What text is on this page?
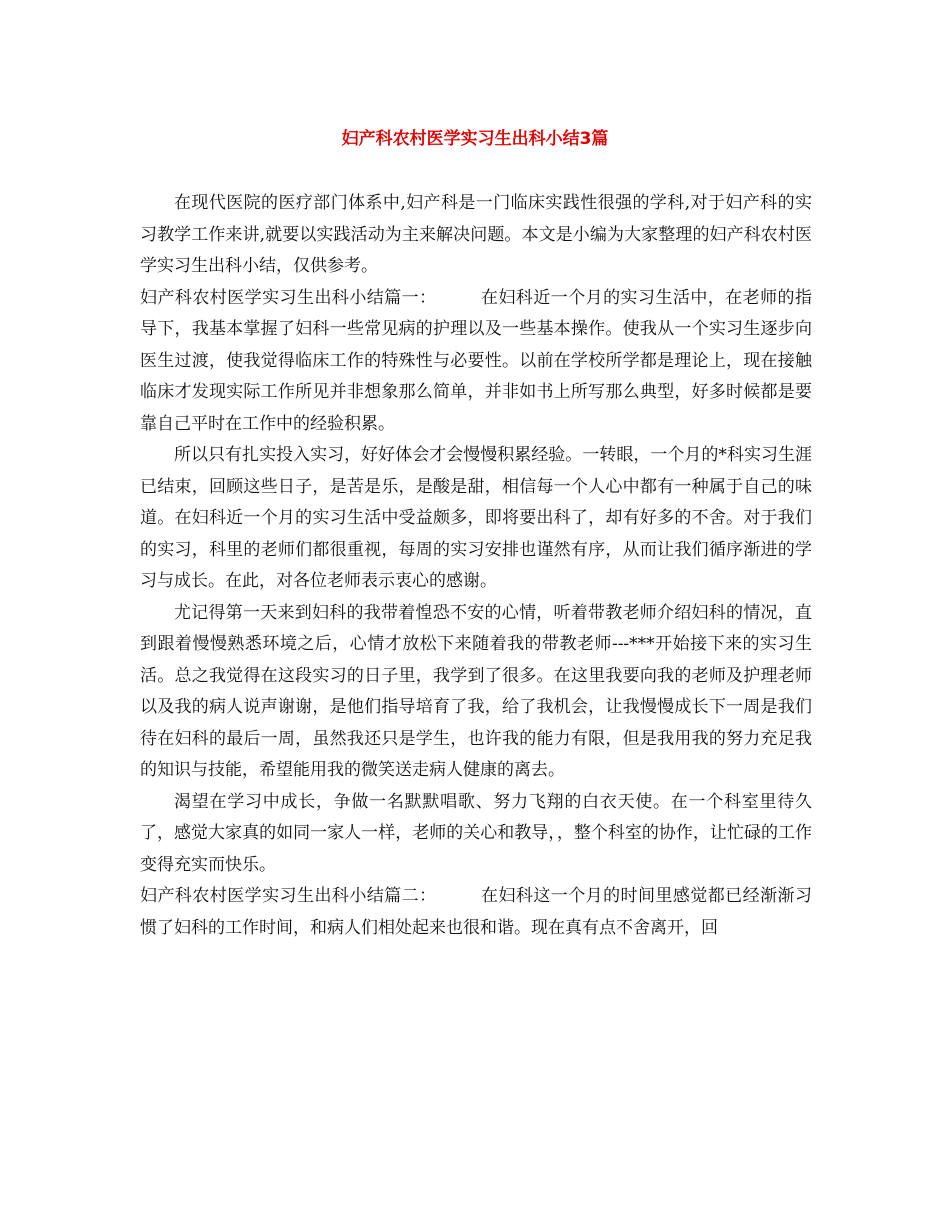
妇产科农村医学实习生出科小结3篇

在现代医院的医疗部门体系中,妇产科是一门临床实践性很强的学科,对于妇产科的实习教学工作来讲,就要以实践活动为主来解决问题。本文是小编为大家整理的妇产科农村医学实习生出科小结，仅供参考。

妇产科农村医学实习生出科小结篇一：	在妇科近一个月的实习生活中，在老师的指导下，我基本掌握了妇科一些常见病的护理以及一些基本操作。使我从一个实习生逐步向医生过渡，使我觉得临床工作的特殊性与必要性。以前在学校所学都是理论上，现在接触临床才发现实际工作所见并非想象那么简单，并非如书上所写那么典型，好多时候都是要靠自己平时在工作中的经验积累。

所以只有扎实投入实习，好好体会才会慢慢积累经验。一转眼，一个月的*科实习生涯已结束，回顾这些日子，是苦是乐，是酸是甜，相信每一个人心中都有一种属于自己的味道。在妇科近一个月的实习生活中受益颇多，即将要出科了，却有好多的不舍。对于我们的实习，科里的老师们都很重视，每周的实习安排也谨然有序，从而让我们循序渐进的学习与成长。在此，对各位老师表示衷心的感谢。

尤记得第一天来到妇科的我带着惶恐不安的心情，听着带教老师介绍妇科的情况，直到跟着慢慢熟悉环境之后，心情才放松下来随着我的带教老师---***开始接下来的实习生活。总之我觉得在这段实习的日子里，我学到了很多。在这里我要向我的老师及护理老师以及我的病人说声谢谢，是他们指导培育了我，给了我机会，让我慢慢成长下一周是我们待在妇科的最后一周，虽然我还只是学生，也许我的能力有限，但是我用我的努力充足我的知识与技能，希望能用我的微笑送走病人健康的离去。

渴望在学习中成长，争做一名默默唱歌、努力飞翔的白衣天使。在一个科室里待久了，感觉大家真的如同一家人一样，老师的关心和教导，，整个科室的协作，让忙碌的工作变得充实而快乐。

妇产科农村医学实习生出科小结篇二：	在妇科这一个月的时间里感觉都已经渐渐习惯了妇科的工作时间，和病人们相处起来也很和谐。现在真有点不舍离开，回
